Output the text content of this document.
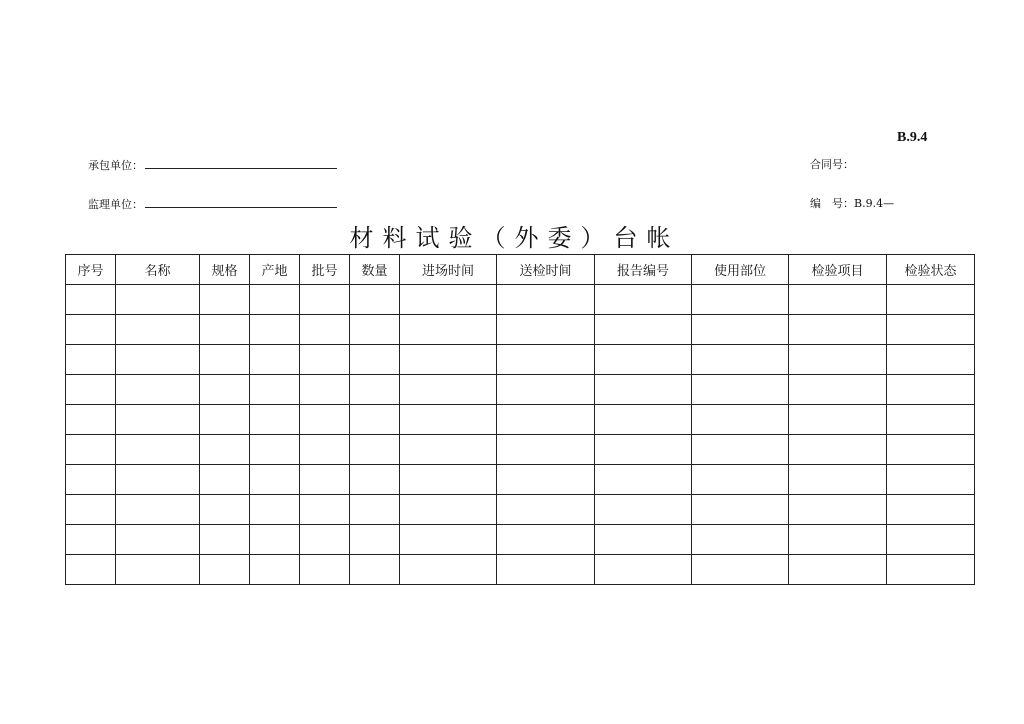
B.9.4
承包单位：
监理单位：
合同号：
编　号：B.9.4—
材料试验（外委）台帐
序号	名称	规格	产地	批号	数量	进场时间	送检时间	报告编号	使用部位	检验项目	检验状态
